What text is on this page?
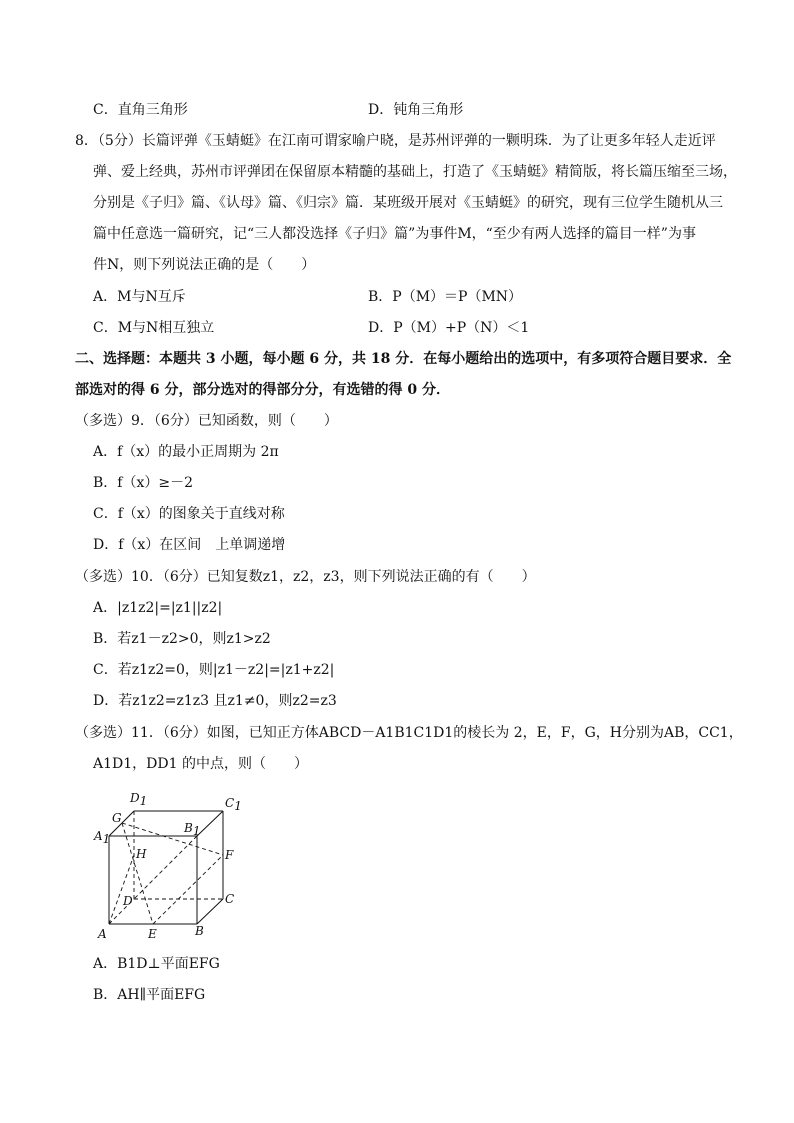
C．直角三角形	D．钝角三角形
8．（5分）长篇评弹《玉蜻蜓》在江南可谓家喻户晓，是苏州评弹的一颗明珠．为了让更多年轻人走近评
弹、爱上经典，苏州市评弹团在保留原本精髓的基础上，打造了《玉蜻蜓》精简版，将长篇压缩至三场，
分别是《子归》篇、《认母》篇、《归宗》篇．某班级开展对《玉蜻蜓》的研究，现有三位学生随机从三
篇中任意选一篇研究，记“三人都没选择《子归》篇”为事件M，“至少有两人选择的篇目一样”为事
件N，则下列说法正确的是（　　）
A．M与N互斥	B．P（M）＝P（MN）
C．M与N相互独立	D．P（M）+P（N）＜1
二、选择题：本题共 3 小题，每小题 6 分，共 18 分．在每小题给出的选项中，有多项符合题目要求．全
部选对的得 6 分，部分选对的得部分分，有选错的得 0 分．
（多选）9．（6分）已知函数，则（　　）
A．f（x）的最小正周期为 2π
B．f（x）≥－2
C．f（x）的图象关于直线对称
D．f（x）在区间　上单调递增
（多选）10．（6分）已知复数z1，z2，z3，则下列说法正确的有（　　）
A．|z1z2|=|z1||z2|
B．若z1－z2>0，则z1>z2
C．若z1z2=0，则|z1－z2|=|z1+z2|
D．若z1z2=z1z3 且z1≠0，则z2=z3
（多选）11．（6分）如图，已知正方体ABCD－A1B1C1D1的棱长为 2，E，F，G，H分别为AB，CC1，
A1D1，DD1 的中点，则（　　）
D1	C1
G
B1
A1
H	F
D	C
A	E	B
A．B1D⊥平面EFG
B．AH∥平面EFG
